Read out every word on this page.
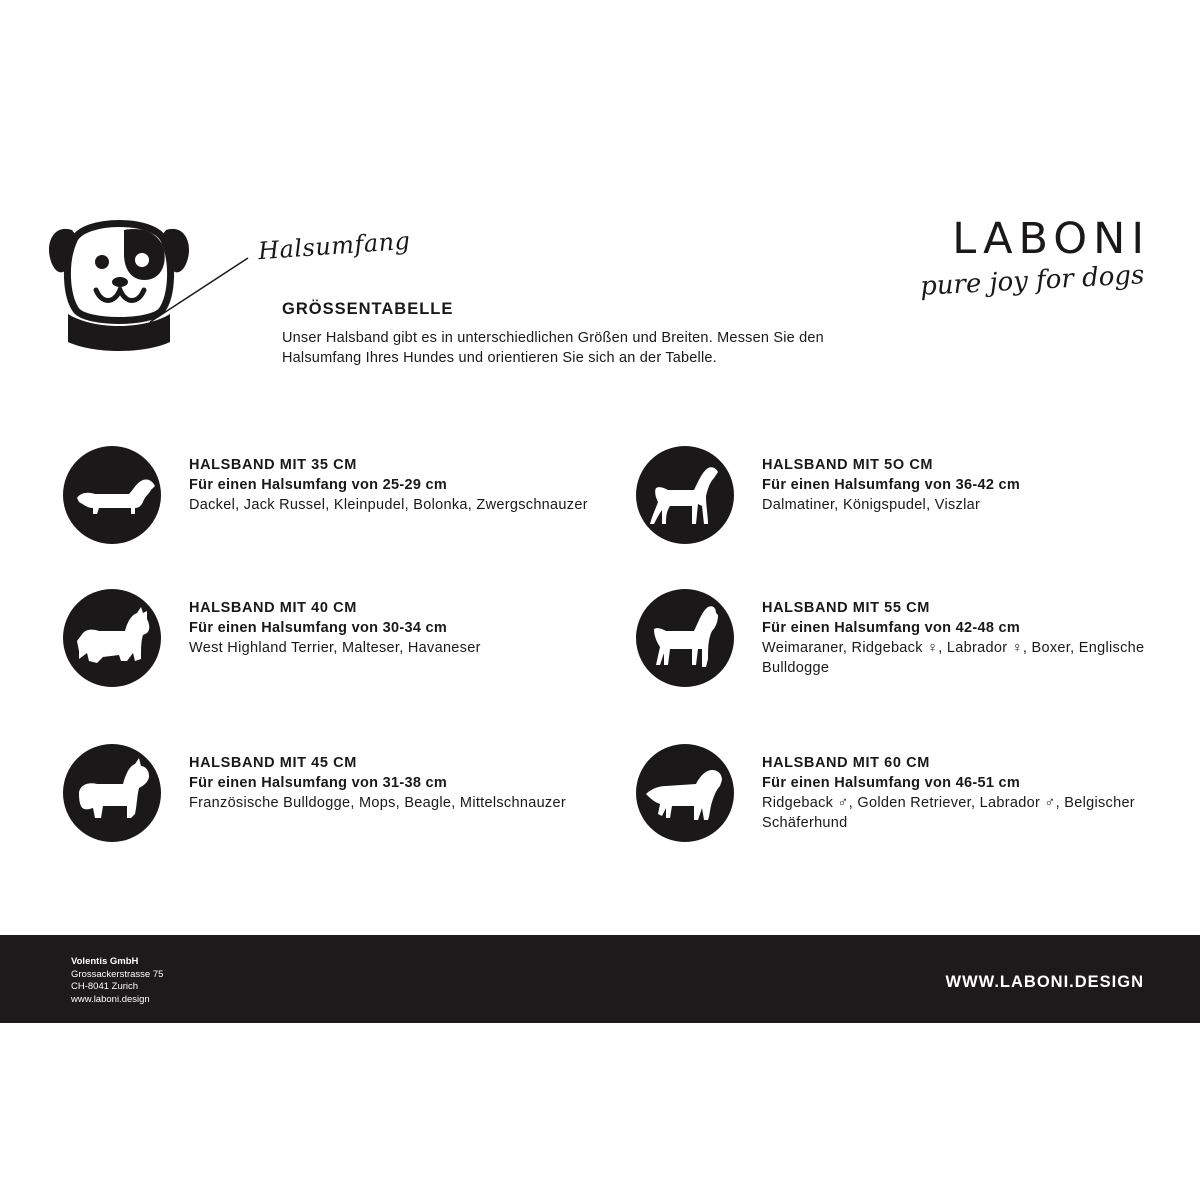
Halsumfang
GRÖSSENTABELLE
Unser Halsband gibt es in unterschiedlichen Größen und Breiten. Messen Sie den Halsumfang Ihres Hundes und orientieren Sie sich an der Tabelle.
LABONI
pure joy for dogs
HALSBAND MIT 35 CM
Für einen Halsumfang von 25-29 cm
Dackel, Jack Russel, Kleinpudel, Bolonka, Zwergschnauzer
HALSBAND MIT 5O CM
Für einen Halsumfang von 36-42 cm
Dalmatiner, Königspudel, Viszlar
HALSBAND MIT 40 CM
Für einen Halsumfang von 30-34 cm
West Highland Terrier, Malteser, Havaneser
HALSBAND MIT 55 CM
Für einen Halsumfang von 42-48 cm
Weimaraner, Ridgeback ♀, Labrador ♀, Boxer, Englische Bulldogge
HALSBAND MIT 45 CM
Für einen Halsumfang von 31-38 cm
Französische Bulldogge, Mops, Beagle, Mittelschnauzer
HALSBAND MIT 60 CM
Für einen Halsumfang von 46-51 cm
Ridgeback ♂, Golden Retriever, Labrador ♂, Belgischer Schäferhund
Volentis GmbH
Grossackerstrasse 75
CH-8041 Zurich
www.laboni.design
WWW.LABONI.DESIGN
